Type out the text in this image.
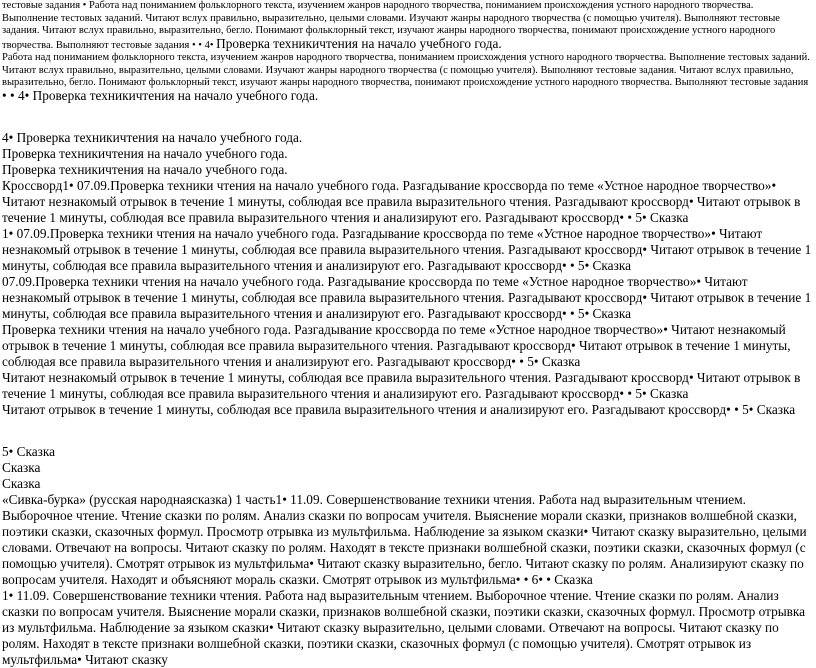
тестовые задания • Работа над пониманием фольклорного текста, изучением жанров народного творчества, пониманием происхождения устного народного творчества. Выполнение тестовых заданий. Читают вслух правильно, выразительно, целыми словами. Изучают жанры народного творчества (с помощью учителя). Выполняют тестовые задания. Читают вслух правильно, выразительно, бегло. Понимают фольклорный текст, изучают жанры народного творчества, понимают происхождение устного народного творчества. Выполняют тестовые задания • • 4• Проверка техникичтения на начало учебного года.
Работа над пониманием фольклорного текста, изучением жанров народного творчества, пониманием происхождения устного народного творчества. Выполнение тестовых заданий. Читают вслух правильно, выразительно, целыми словами. Изучают жанры народного творчества (с помощью учителя). Выполняют тестовые задания. Читают вслух правильно, выразительно, бегло. Понимают фольклорный текст, изучают жанры народного творчества, понимают происхождение устного народного творчества. Выполняют тестовые задания
• • 4• Проверка техникичтения на начало учебного года.
4• Проверка техникичтения на начало учебного года.
Проверка техникичтения на начало учебного года.
Проверка техникичтения на начало учебного года.
Кроссворд1• 07.09.Проверка техники чтения на начало учебного года. Разгадывание кроссворда по теме «Устное народное творчество»• Читают незнакомый отрывок в течение 1 минуты, соблюдая все правила выразительного чтения. Разгадывают кроссворд• Читают отрывок в течение 1 минуты, соблюдая все правила выразительного чтения и анализируют его. Разгадывают кроссворд• • 5• Сказка
1• 07.09.Проверка техники чтения на начало учебного года. Разгадывание кроссворда по теме «Устное народное творчество»• Читают незнакомый отрывок в течение 1 минуты, соблюдая все правила выразительного чтения. Разгадывают кроссворд• Читают отрывок в течение 1 минуты, соблюдая все правила выразительного чтения и анализируют его. Разгадывают кроссворд• • 5• Сказка
07.09.Проверка техники чтения на начало учебного года. Разгадывание кроссворда по теме «Устное народное творчество»• Читают незнакомый отрывок в течение 1 минуты, соблюдая все правила выразительного чтения. Разгадывают кроссворд• Читают отрывок в течение 1 минуты, соблюдая все правила выразительного чтения и анализируют его. Разгадывают кроссворд• • 5• Сказка
Проверка техники чтения на начало учебного года. Разгадывание кроссворда по теме «Устное народное творчество»• Читают незнакомый отрывок в течение 1 минуты, соблюдая все правила выразительного чтения. Разгадывают кроссворд• Читают отрывок в течение 1 минуты, соблюдая все правила выразительного чтения и анализируют его. Разгадывают кроссворд• • 5• Сказка
Читают незнакомый отрывок в течение 1 минуты, соблюдая все правила выразительного чтения. Разгадывают кроссворд• Читают отрывок в течение 1 минуты, соблюдая все правила выразительного чтения и анализируют его. Разгадывают кроссворд• • 5• Сказка
Читают отрывок в течение 1 минуты, соблюдая все правила выразительного чтения и анализируют его. Разгадывают кроссворд• • 5• Сказка
5• Сказка
Сказка
Сказка
«Сивка-бурка» (русская народнаясказка) 1 часть1• 11.09. Совершенствование техники чтения. Работа над выразительным чтением. Выборочное чтение. Чтение сказки по ролям. Анализ сказки по вопросам учителя. Выяснение морали сказки, признаков волшебной сказки, поэтики сказки, сказочных формул. Просмотр отрывка из мультфильма. Наблюдение за языком сказки• Читают сказку выразительно, целыми словами. Отвечают на вопросы. Читают сказку по ролям. Находят в тексте признаки волшебной сказки, поэтики сказки, сказочных формул (с помощью учителя). Смотрят отрывок из мультфильма• Читают сказку выразительно, бегло. Читают сказку по ролям. Анализируют сказку по вопросам учителя. Находят и объясняют мораль сказки. Смотрят отрывок из мультфильма• • 6• • Сказка
1• 11.09. Совершенствование техники чтения. Работа над выразительным чтением. Выборочное чтение. Чтение сказки по ролям. Анализ сказки по вопросам учителя. Выяснение морали сказки, признаков волшебной сказки, поэтики сказки, сказочных формул. Просмотр отрывка из мультфильма. Наблюдение за языком сказки• Читают сказку выразительно, целыми словами. Отвечают на вопросы. Читают сказку по ролям. Находят в тексте признаки волшебной сказки, поэтики сказки, сказочных формул (с помощью учителя). Смотрят отрывок из мультфильма• Читают сказку
